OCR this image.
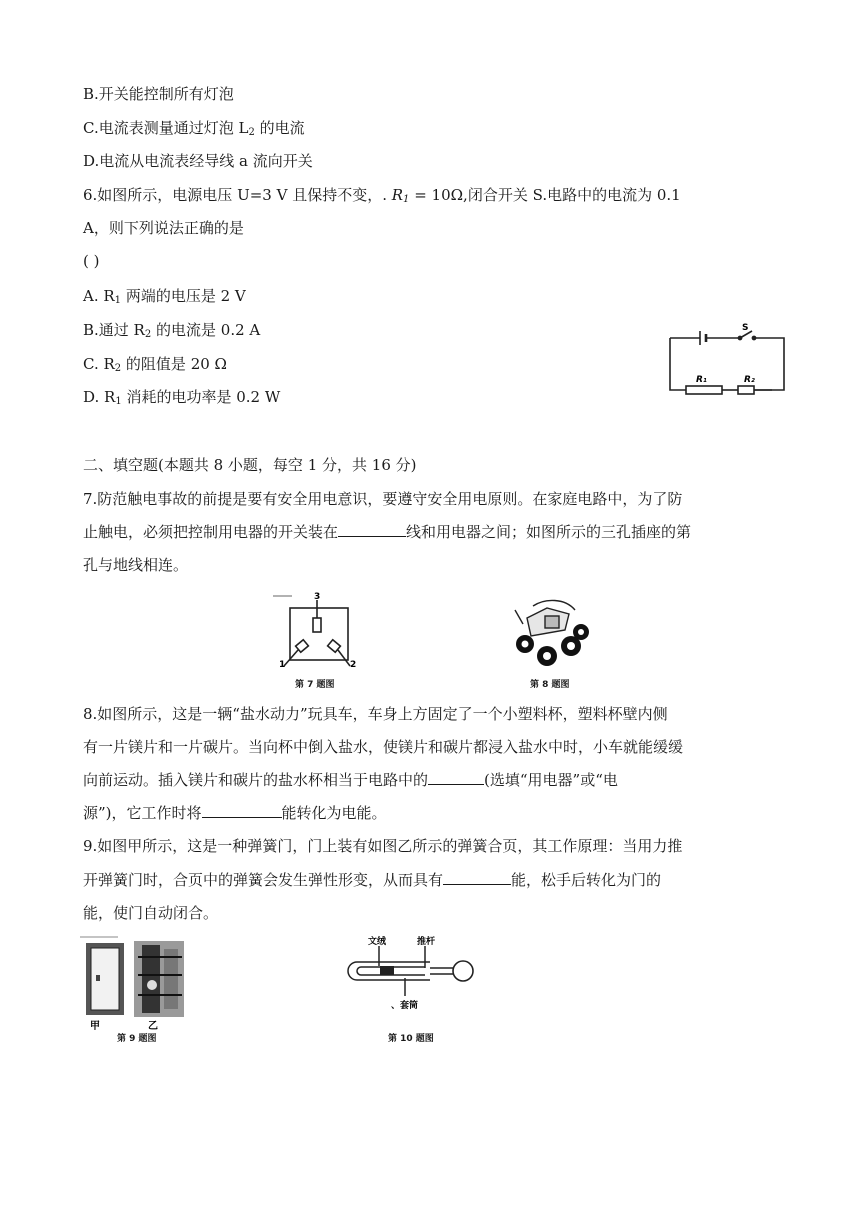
B.开关能控制所有灯泡
C.电流表测量通过灯泡 $L_2$ 的电流
D.电流从电流表经导线 a 流向开关
6.如图所示，电源电压 U=3 V 且保持不变，. $R_1 = 10\Omega$,闭合开关 S.电路中的电流为 0.1
A，则下列说法正确的是
( )
A. $R_1$ 两端的电压是 2 V
B.通过 $R_2$ 的电流是 0.2 A
C. $R_2$ 的阻值是 20 Ω
D. $R_1$ 消耗的电功率是 0.2 W
S
R₁	R₂
二、填空题(本题共 8 小题，每空 1 分，共 16 分)
7.防范触电事故的前提是要有安全用电意识，要遵守安全用电原则。在家庭电路中，为了防
止触电，必须把控制用电器的开关装在	线和用电器之间；如图所示的三孔插座的第
孔与地线相连。
3
1	2
第 7 题图	第 8 题图
8.如图所示，这是一辆“盐水动力”玩具车，车身上方固定了一个小塑料杯，塑料杯壁内侧
有一片镁片和一片碳片。当向杯中倒入盐水，使镁片和碳片都浸入盐水中时，小车就能缓缓
向前运动。插入镁片和碳片的盐水杯相当于电路中的	(选填“用电器”或“电
源”)，它工作时将	能转化为电能。
9.如图甲所示，这是一种弹簧门，门上装有如图乙所示的弹簧合页，其工作原理：当用力推
开弹簧门时，合页中的弹簧会发生弹性形变，从而具有	能，松手后转化为门的
能，使门自动闭合。
甲	乙
第 9 题图
文绒	推杆
、套筒
第 10 题图
